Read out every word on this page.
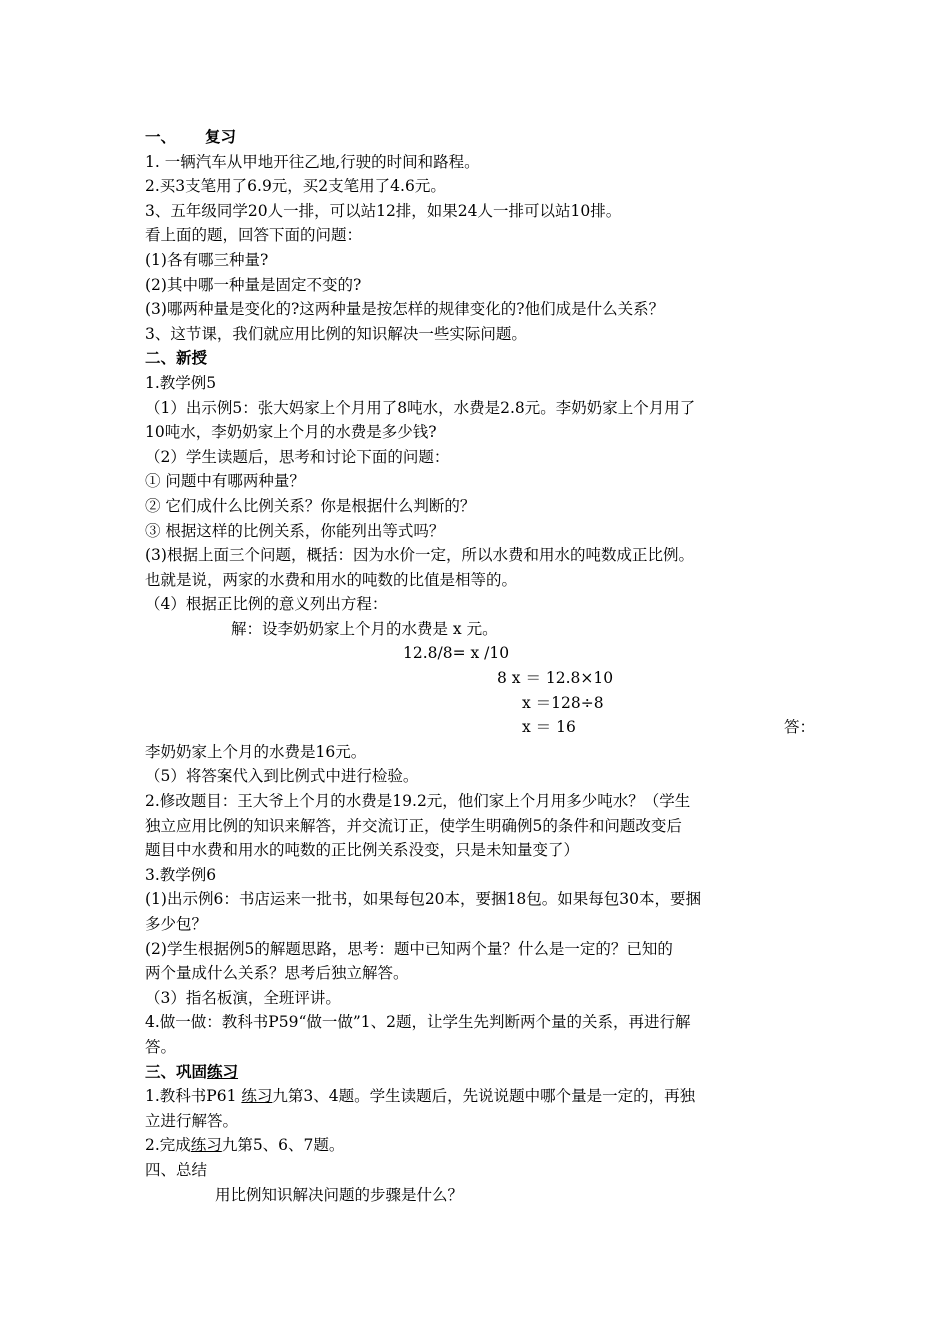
一、 复习
1. 一辆汽车从甲地开往乙地,行驶的时间和路程。
2.买3支笔用了6.9元，买2支笔用了4.6元。
3、五年级同学20人一排，可以站12排，如果24人一排可以站10排。
看上面的题，回答下面的问题：
(1)各有哪三种量?
(2)其中哪一种量是固定不变的?
(3)哪两种量是变化的?这两种量是按怎样的规律变化的?他们成是什么关系？
3、这节课，我们就应用比例的知识解决一些实际问题。
二、新授
1.教学例5
（1）出示例5：张大妈家上个月用了8吨水，水费是2.8元。李奶奶家上个月用了
10吨水，李奶奶家上个月的水费是多少钱?
（2）学生读题后，思考和讨论下面的问题：
① 问题中有哪两种量？
② 它们成什么比例关系？你是根据什么判断的？
③ 根据这样的比例关系，你能列出等式吗？
(3)根据上面三个问题，概括：因为水价一定，所以水费和用水的吨数成正比例。
也就是说，两家的水费和用水的吨数的比值是相等的。
（4）根据正比例的意义列出方程：
解：设李奶奶家上个月的水费是 x 元。
12.8/8= x /10
8 x ＝ 12.8×10
x ＝128÷8
x ＝ 16	答：
李奶奶家上个月的水费是16元。
（5）将答案代入到比例式中进行检验。
2.修改题目：王大爷上个月的水费是19.2元，他们家上个月用多少吨水？（学生
独立应用比例的知识来解答，并交流订正，使学生明确例5的条件和问题改变后
题目中水费和用水的吨数的正比例关系没变，只是未知量变了）
3.教学例6
(1)出示例6：书店运来一批书，如果每包20本，要捆18包。如果每包30本，要捆
多少包？
(2)学生根据例5的解题思路，思考：题中已知两个量？什么是一定的？已知的
两个量成什么关系？思考后独立解答。
（3）指名板演，全班评讲。
4.做一做：教科书P59“做一做”1、2题，让学生先判断两个量的关系，再进行解
答。
三、巩固练习
1.教科书P61 练习九第3、4题。学生读题后，先说说题中哪个量是一定的，再独
立进行解答。
2.完成练习九第5、6、7题。
四、总结
用比例知识解决问题的步骤是什么？
